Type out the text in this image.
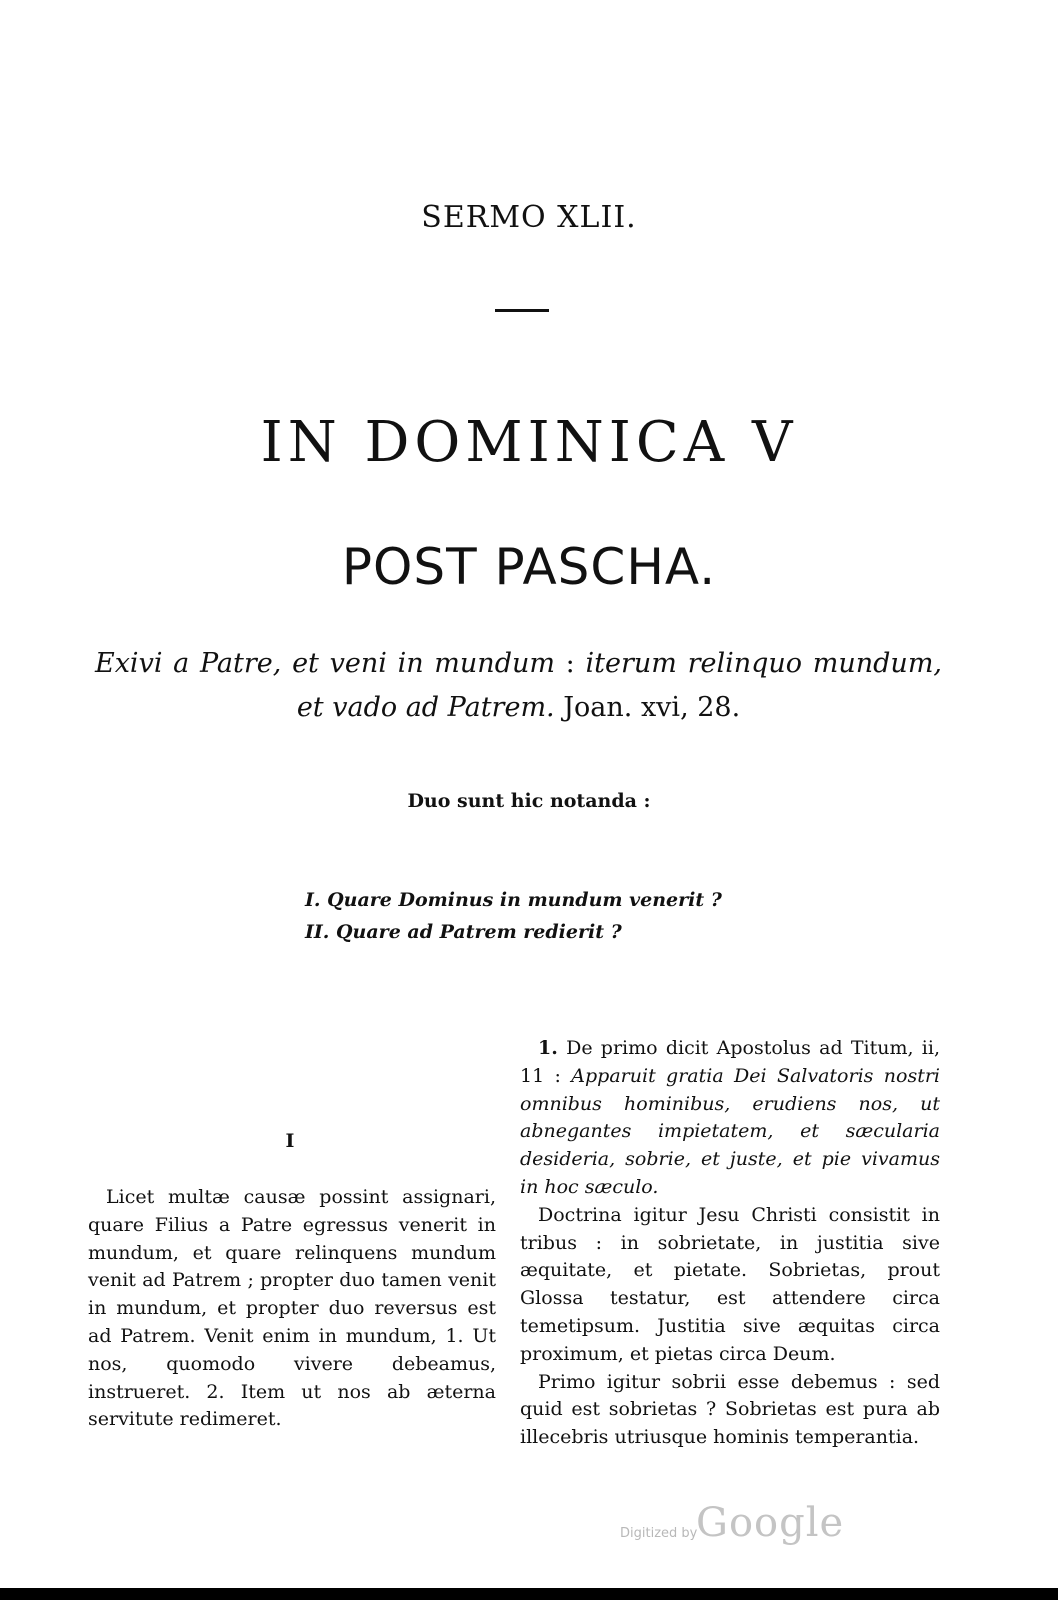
SERMO XLII.
IN DOMINICA V
POST PASCHA.
Exivi a Patre, et veni in mundum : iterum relinquo mundum, et vado ad Patrem. Joan. xvi, 28.
Duo sunt hic notanda :
I. Quare Dominus in mundum venerit ?
II. Quare ad Patrem redierit ?
I

Licet multæ causæ possint assignari, quare Filius a Patre egressus venerit in mundum, et quare relinquens mundum venit ad Patrem ; propter duo tamen venit in mundum, et propter duo reversus est ad Patrem. Venit enim in mundum, 1. Ut nos, quomodo vivere debeamus, instrueret. 2. Item ut nos ab æterna servitute redimeret.

1. De primo dicit Apostolus ad Titum, ii, 11 : Apparuit gratia Dei Salvatoris nostri omnibus hominibus, erudiens nos, ut abnegantes impietatem, et sæcularia desideria, sobrie, et juste, et pie vivamus in hoc sæculo.

Doctrina igitur Jesu Christi consistit in tribus : in sobrietate, in justitia sive æquitate, et pietate. Sobrietas, prout Glossa testatur, est attendere circa temetipsum. Justitia sive æquitas circa proximum, et pietas circa Deum.

Primo igitur sobrii esse debemus : sed quid est sobrietas ? Sobrietas est pura ab illecebris utriusque hominis temperantia.

Digitized by
Google
